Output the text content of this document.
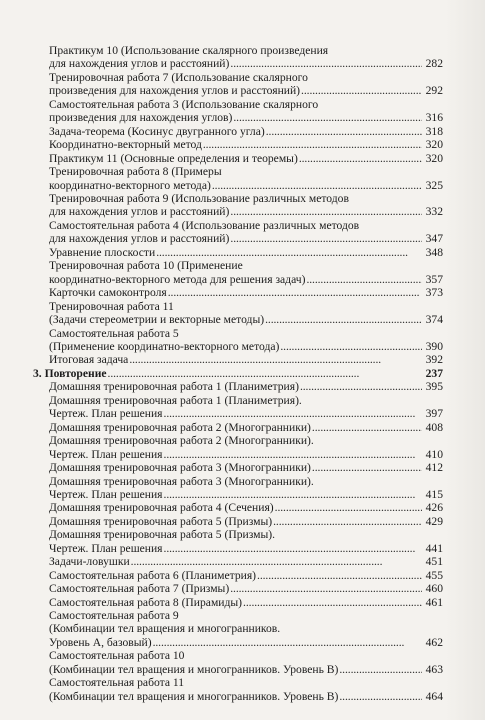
Практикум 10 (Использование скалярного произведения
для нахождения углов и расстояний) . . .	282
Тренировочная работа 7 (Использование скалярного
произведения для нахождения углов и расстояний) . . .	292
Самостоятельная работа 3 (Использование скалярного
произведения для нахождения углов) . . .	316
Задача-теорема (Косинус двугранного угла) . . .	318
Координатно-векторный метод . . .	320
Практикум 11 (Основные определения и теоремы) . . .	320
Тренировочная работа 8 (Примеры
координатно-векторного метода) . . .	325
Тренировочная работа 9 (Использование различных методов
для нахождения углов и расстояний) . . .	332
Самостоятельная работа 4 (Использование различных методов
для нахождения углов и расстояний) . . .	347
Уравнение плоскости . . .	348
Тренировочная работа 10 (Применение
координатно-векторного метода для решения задач) . . .	357
Карточки самоконтроля . . .	373
Тренировочная работа 11
(Задачи стереометрии и векторные методы) . . .	374
Самостоятельная работа 5
(Применение координатно-векторного метода) . . .	390
Итоговая задача . . .	392
3. Повторение . . .	237
Домашняя тренировочная работа 1 (Планиметрия) . . .	395
Домашняя тренировочная работа 1 (Планиметрия).
Чертеж. План решения . . .	397
Домашняя тренировочная работа 2 (Многогранники) . . .	408
Домашняя тренировочная работа 2 (Многогранники).
Чертеж. План решения . . .	410
Домашняя тренировочная работа 3 (Многогранники) . . .	412
Домашняя тренировочная работа 3 (Многогранники).
Чертеж. План решения . . .	415
Домашняя тренировочная работа 4 (Сечения) . . .	426
Домашняя тренировочная работа 5 (Призмы) . . .	429
Домашняя тренировочная работа 5 (Призмы).
Чертеж. План решения . . .	441
Задачи-ловушки . . .	451
Самостоятельная работа 6 (Планиметрия) . . .	455
Самостоятельная работа 7 (Призмы) . . .	460
Самостоятельная работа 8 (Пирамиды) . . .	461
Самостоятельная работа 9
(Комбинации тел вращения и многогранников.
Уровень А, базовый) . . .	462
Самостоятельная работа 10
(Комбинации тел вращения и многогранников. Уровень В) . . .	463
Самостоятельная работа 11
(Комбинации тел вращения и многогранников. Уровень В) . . .	464
